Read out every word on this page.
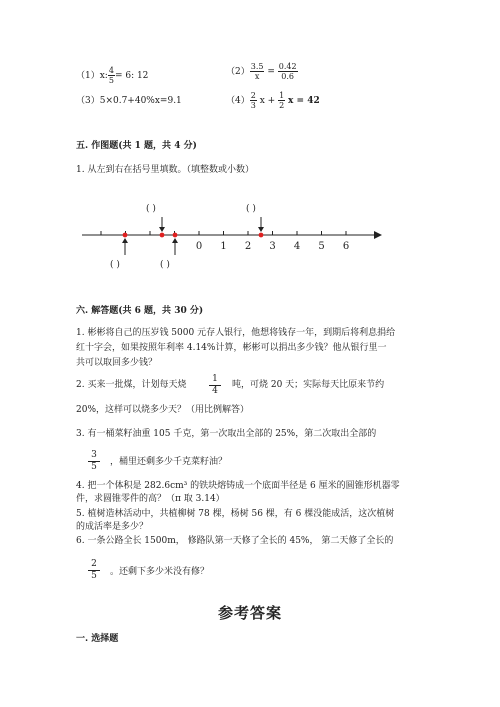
（1）x: $\frac{4}{5} = 6$: 12	$(2) \frac{3.5}{x} = \frac{0.42}{0.6}$
（3）5×0.7+40%x=9.1	$(4) \frac{2}{3}$ $x + \frac{1}{2}$ x = 42
五. 作图题(共 1 题，共 4 分)
1. 从左到右在括号里填数。（填整数或小数）
0 1 2 3 4 5 6
( )	( )
( )	( )
六. 解答题(共 6 题，共 30 分)
1. 彬彬将自己的压岁钱 5000 元存人银行，他想将钱存一年，到期后将利息捐给
红十字会，如果按照年利率 4.14%计算，彬彬可以捐出多少钱？他从银行里一
共可以取回多少钱？
2. 买来一批煤，计划每天烧
1
4
吨，可烧 20 天；实际每天比原来节约
20%，这样可以烧多少天？（用比例解答）
3. 有一桶菜籽油重 105 千克，第一次取出全部的 25%，第二次取出全部的
3
5	，桶里还剩多少千克菜籽油？
4. 把一个体积是 282.6cm³ 的铁块熔铸成一个底面半径是 6 厘米的圆锥形机器零
件，求圆锥零件的高？（π 取 3.14）
5. 植树造林活动中，共植柳树 78 棵，杨树 56 棵，有 6 棵没能成活，这次植树
的成活率是多少？
6. 一条公路全长 1500m， 修路队第一天修了全长的 45%， 第二天修了全长的
2
5	。还剩下多少米没有修？
参考答案
一. 选择题
